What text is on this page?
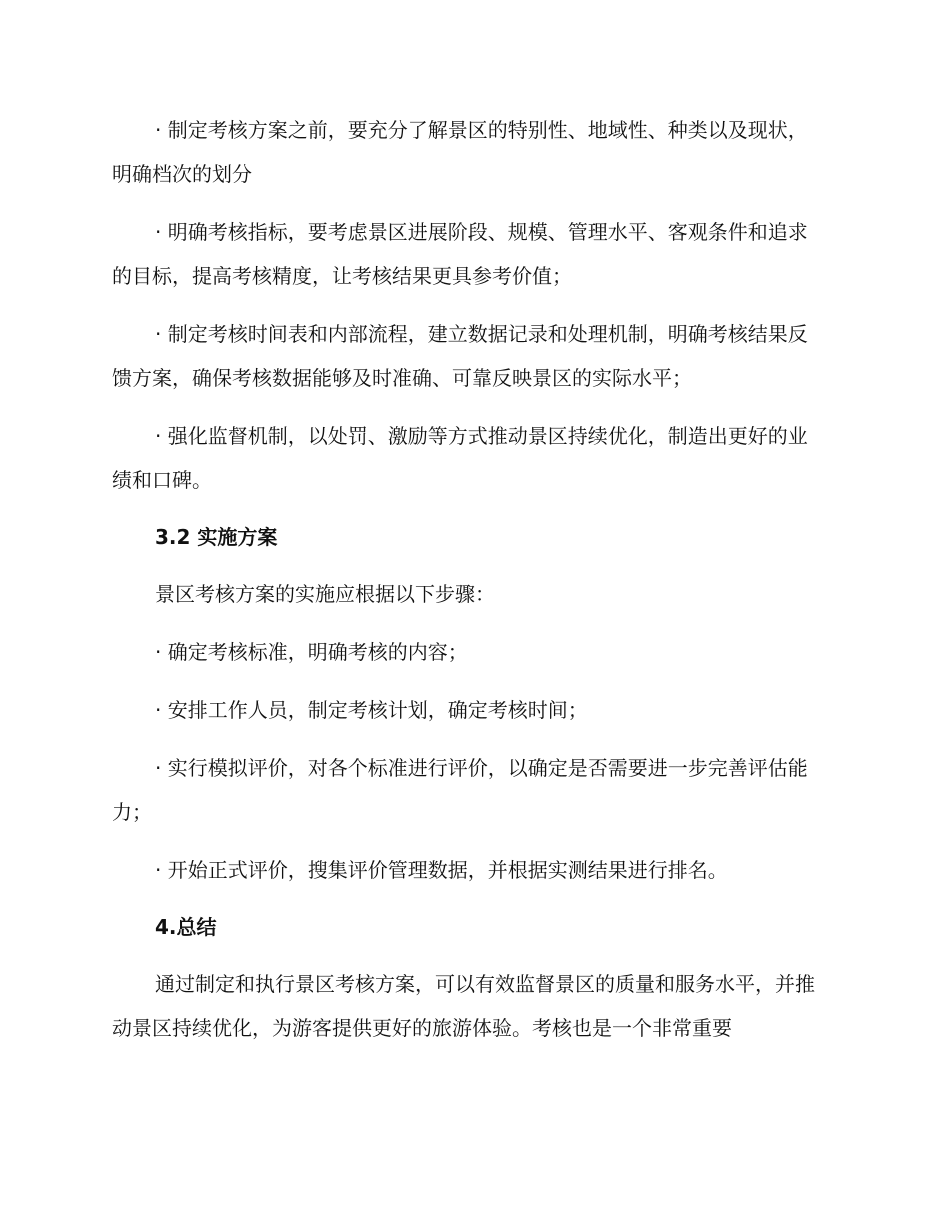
· 制定考核方案之前，要充分了解景区的特别性、地域性、种类以及现状，明确档次的划分

· 明确考核指标，要考虑景区进展阶段、规模、管理水平、客观条件和追求的目标，提高考核精度，让考核结果更具参考价值；

· 制定考核时间表和内部流程，建立数据记录和处理机制，明确考核结果反馈方案，确保考核数据能够及时准确、可靠反映景区的实际水平；

· 强化监督机制，以处罚、激励等方式推动景区持续优化，制造出更好的业绩和口碑。

3.2 实施方案

景区考核方案的实施应根据以下步骤：

· 确定考核标准，明确考核的内容；

· 安排工作人员，制定考核计划，确定考核时间；

· 实行模拟评价，对各个标准进行评价，以确定是否需要进一步完善评估能力；

· 开始正式评价，搜集评价管理数据，并根据实测结果进行排名。

4.总结

通过制定和执行景区考核方案，可以有效监督景区的质量和服务水平，并推动景区持续优化，为游客提供更好的旅游体验。考核也是一个非常重要
